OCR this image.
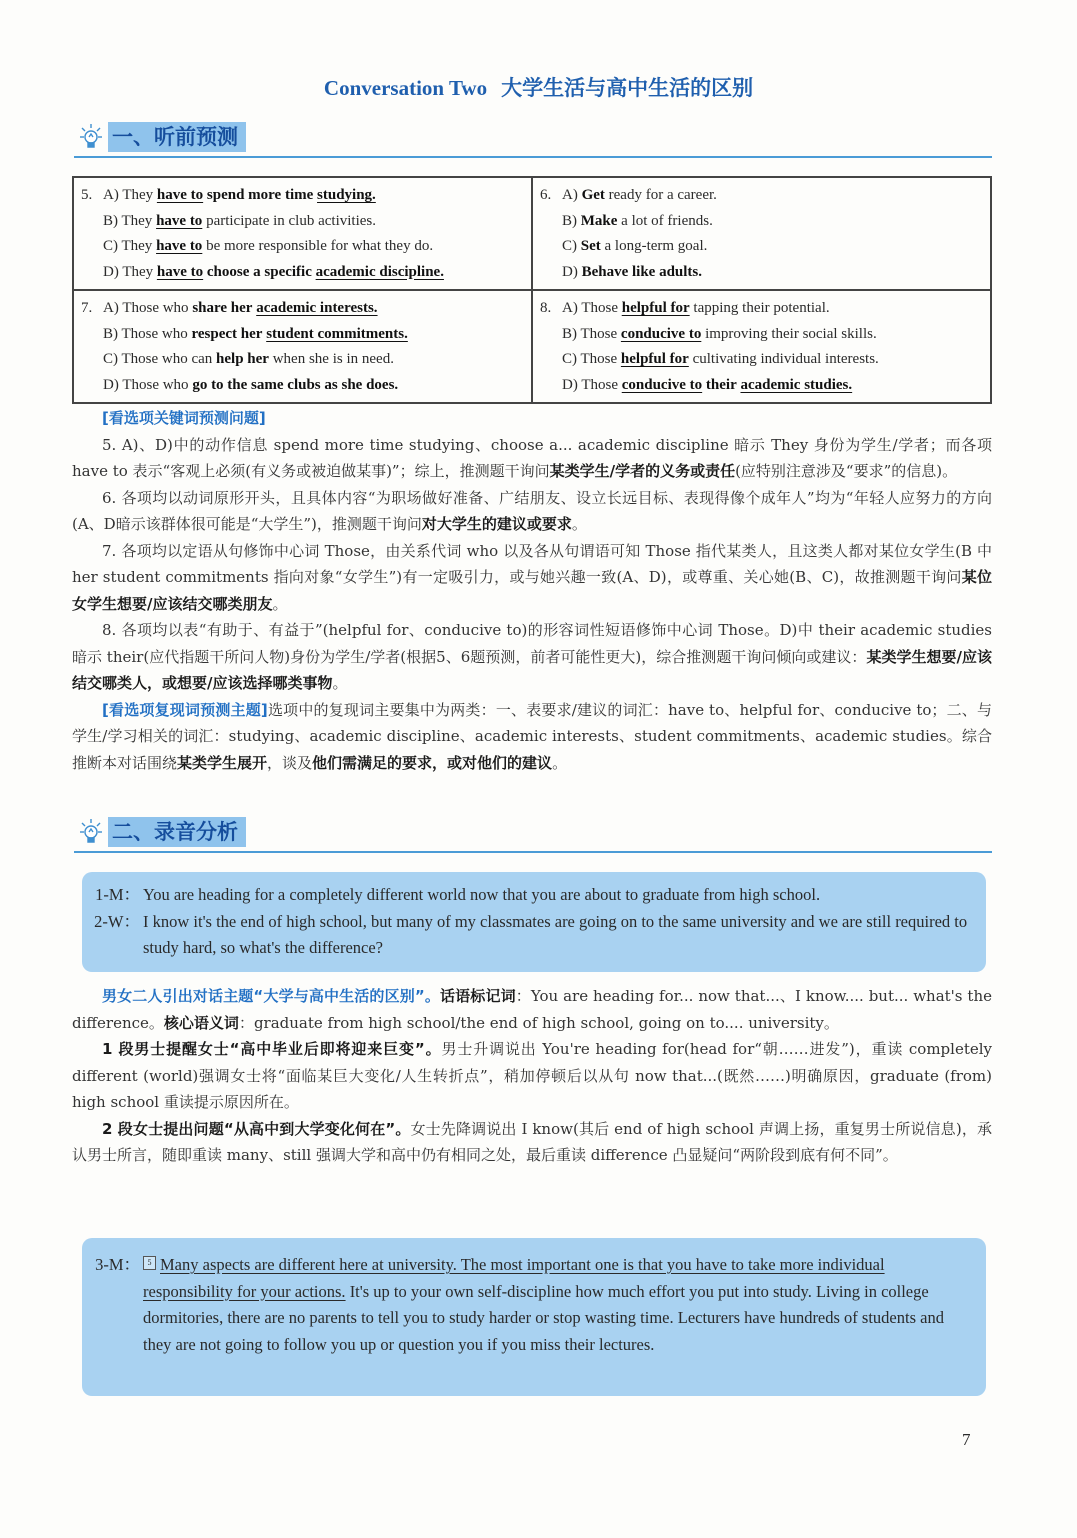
Conversation Two 大学生活与高中生活的区别
一、听前预测
5. A) They have to spend more time studying.
B) They have to participate in club activities.
C) They have to be more responsible for what they do.
D) They have to choose a specific academic discipline.

6. A) Get ready for a career.
B) Make a lot of friends.
C) Set a long-term goal.
D) Behave like adults.

7. A) Those who share her academic interests.
B) Those who respect her student commitments.
C) Those who can help her when she is in need.
D) Those who go to the same clubs as she does.

8. A) Those helpful for tapping their potential.
B) Those conducive to improving their social skills.
C) Those helpful for cultivating individual interests.
D) Those conducive to their academic studies.

[看选项关键词预测问题]

5. A)、D)中的动作信息 spend more time studying、choose a... academic discipline 暗示 They 身份为学生/学者；而各项 have to 表示“客观上必须(有义务或被迫做某事)”；综上，推测题干询问某类学生/学者的义务或责任(应特别注意涉及“要求”的信息)。

6. 各项均以动词原形开头，且具体内容“为职场做好准备、广结朋友、设立长远目标、表现得像个成年人”均为“年轻人应努力的方向(A、D暗示该群体很可能是“大学生”)，推测题干询问对大学生的建议或要求。

7. 各项均以定语从句修饰中心词 Those，由关系代词 who 以及各从句谓语可知 Those 指代某类人，且这类人都对某位女学生(B 中 her student commitments 指向对象“女学生”)有一定吸引力，或与她兴趣一致(A、D)，或尊重、关心她(B、C)，故推测题干询问某位女学生想要/应该结交哪类朋友。

8. 各项均以表“有助于、有益于”(helpful for、conducive to)的形容词性短语修饰中心词 Those。D)中 their academic studies 暗示 their(应代指题干所问人物)身份为学生/学者(根据5、6题预测，前者可能性更大)，综合推测题干询问倾向或建议：某类学生想要/应该结交哪类人，或想要/应该选择哪类事物。

[看选项复现词预测主题]选项中的复现词主要集中为两类：一、表要求/建议的词汇：have to、helpful for、conducive to；二、与学生/学习相关的词汇：studying、academic discipline、academic interests、student commitments、academic studies。综合推断本对话围绕某类学生展开，谈及他们需满足的要求，或对他们的建议。

二、录音分析
1-M： You are heading for a completely different world now that you are about to graduate from high school.
2-W： I know it's the end of high school, but many of my classmates are going on to the same university and we are still required to study hard, so what's the difference?

男女二人引出对话主题“大学与高中生活的区别”。话语标记词：You are heading for... now that...、I know.... but... what's the difference。核心语义词：graduate from high school/the end of high school, going on to.... university。

1 段男士提醒女士“高中毕业后即将迎来巨变”。男士升调说出 You're heading for(head for“朝……进发”)，重读 completely different (world)强调女士将“面临某巨大变化/人生转折点”，稍加停顿后以从句 now that...(既然……)明确原因，graduate (from) high school 重读提示原因所在。

2 段女士提出问题“从高中到大学变化何在”。女士先降调说出 I know(其后 end of high school 声调上扬，重复男士所说信息)，承认男士所言，随即重读 many、still 强调大学和高中仍有相同之处，最后重读 difference 凸显疑问“两阶段到底有何不同”。

3-M： 5 Many aspects are different here at university. The most important one is that you have to take more individual responsibility for your actions. It's up to your own self-discipline how much effort you put into study. Living in college dormitories, there are no parents to tell you to study harder or stop wasting time. Lecturers have hundreds of students and they are not going to follow you up or question you if you miss their lectures.
7
